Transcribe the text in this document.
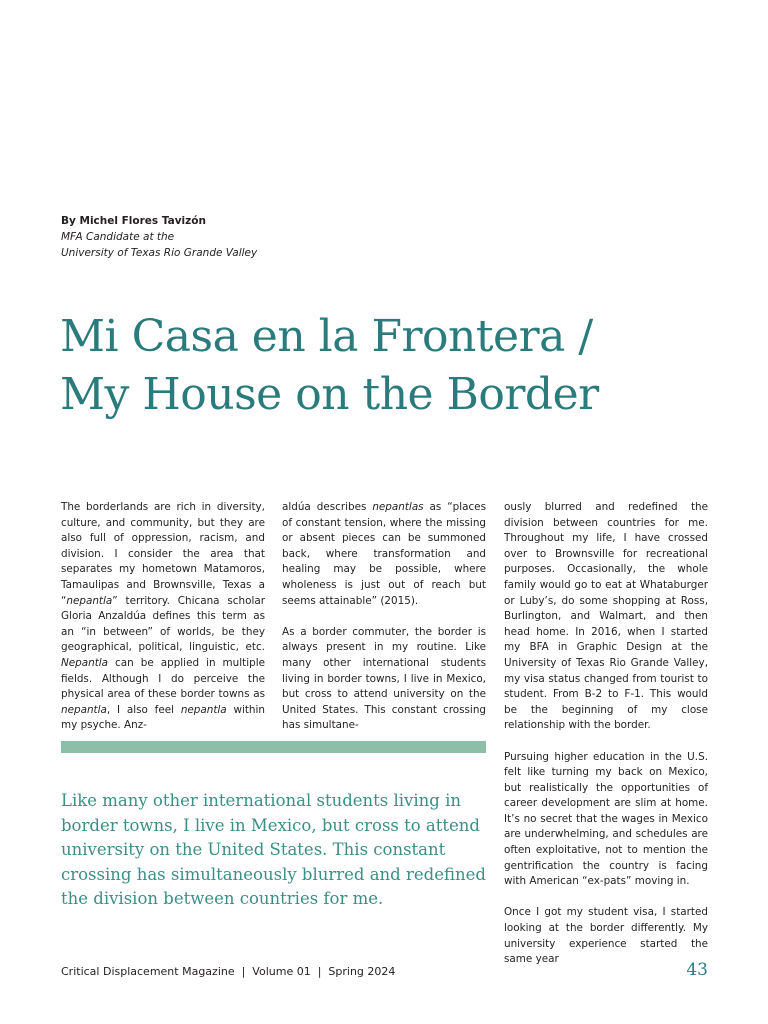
By Michel Flores Tavizón
MFA Candidate at the
University of Texas Rio Grande Valley
Mi Casa en la Frontera /
My House on the Border

The borderlands are rich in diversity, culture, and community, but they are also full of oppression, racism, and division. I consider the area that separates my hometown Matamoros, Tamaulipas and Brownsville, Texas a “nepantla” territory. Chicana scholar Gloria Anzaldúa defines this term as an “in between” of worlds, be they geographical, political, linguistic, etc. Nepantla can be applied in multiple fields. Although I do perceive the physical area of these border towns as nepantla, I also feel nepantla within my psyche. Anz-

aldúa describes nepantlas as “places of constant tension, where the missing or absent pieces can be summoned back, where transformation and healing may be possible, where wholeness is just out of reach but seems attainable” (2015).

As a border commuter, the border is always present in my routine. Like many other international students living in border towns, I live in Mexico, but cross to attend university on the United States. This constant crossing has simultane-

ously blurred and redefined the division between countries for me. Throughout my life, I have crossed over to Brownsville for recreational purposes. Occasionally, the whole family would go to eat at Whataburger or Luby’s, do some shopping at Ross, Burlington, and Walmart, and then head home. In 2016, when I started my BFA in Graphic Design at the University of Texas Rio Grande Valley, my visa status changed from tourist to student. From B-2 to F-1. This would be the beginning of my close relationship with the border.

Pursuing higher education in the U.S. felt like turning my back on Mexico, but realistically the opportunities of career development are slim at home. It’s no secret that the wages in Mexico are underwhelming, and schedules are often exploitative, not to mention the gentrification the country is facing with American “ex-pats” moving in.

Once I got my student visa, I started looking at the border differently. My university experience started the same year

Like many other international students living in border towns, I live in Mexico, but cross to attend university on the United States. This constant crossing has simultaneously blurred and redefined the division between countries for me.

Critical Displacement Magazine  |  Volume 01  |  Spring 2024	43
